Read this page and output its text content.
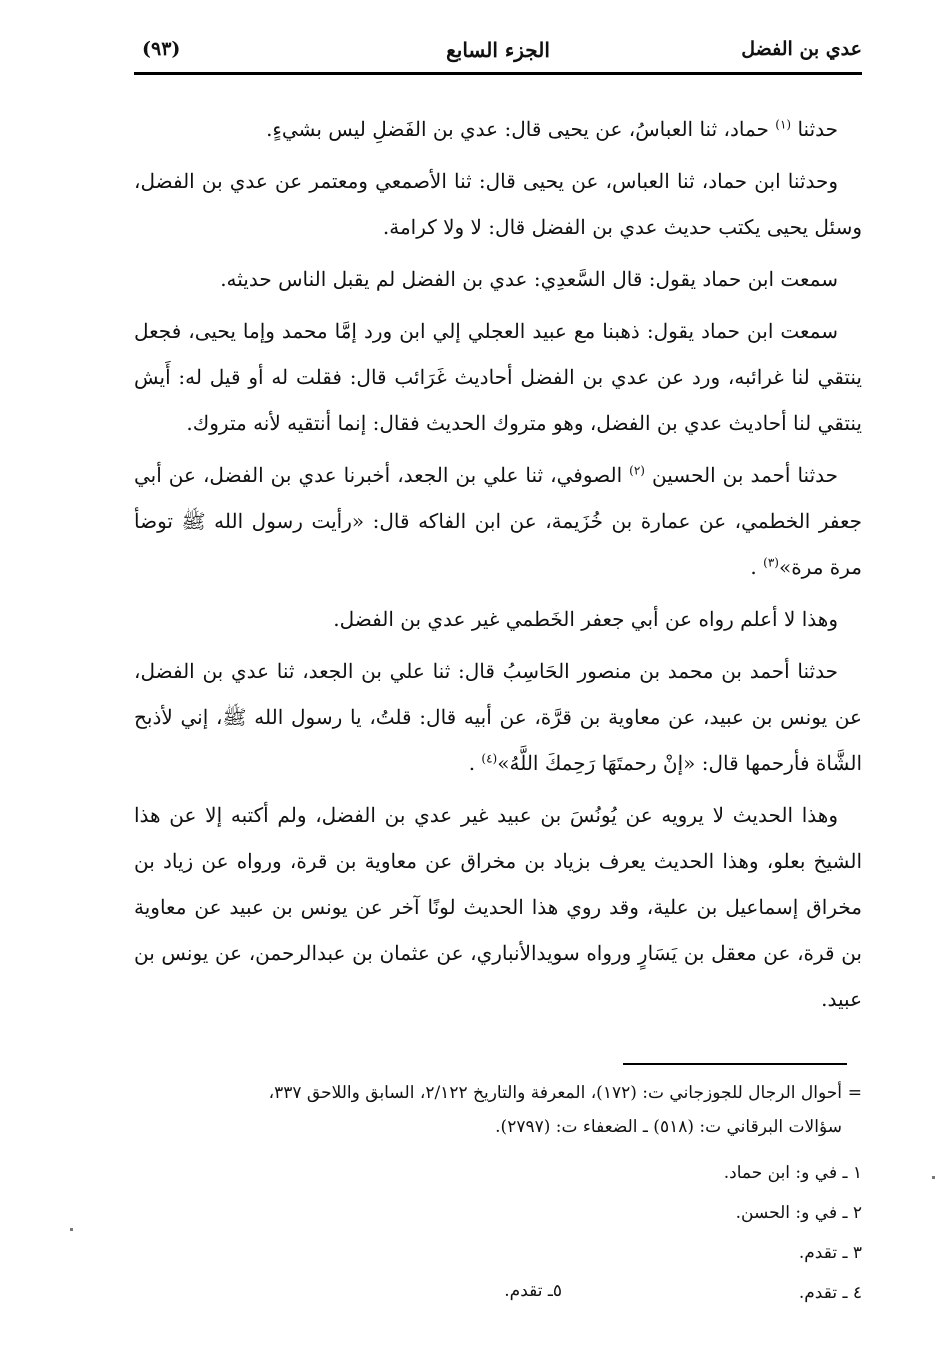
عدي بن الفضل
الجزء السابع
(٩٣)

حدثنا $^{(١)}$ حماد، ثنا العباسُ، عن يحيى قال: عدي بن الفَضلِ ليس بشيءٍ.

وحدثنا ابن حماد، ثنا العباس، عن يحيى قال: ثنا الأصمعي ومعتمر عن عدي بن الفضل، وسئل يحيى يكتب حديث عدي بن الفضل قال: لا ولا كرامة.

سمعت ابن حماد يقول: قال السَّعدِي: عدي بن الفضل لم يقبل الناس حديثه.

سمعت ابن حماد يقول: ذهبنا مع عبيد العجلي إلي ابن ورد إمَّا محمد وإما يحيى، فجعل ينتقي لنا غرائبه، ورد عن عدي بن الفضل أحاديث غَرَائب قال: فقلت له أو قيل له: أَيش ينتقي لنا أحاديث عدي بن الفضل، وهو متروك الحديث فقال: إنما أنتقيه لأنه متروك.

حدثنا أحمد بن الحسين $^{(٢)}$ الصوفي، ثنا علي بن الجعد، أخبرنا عدي بن الفضل، عن أبي جعفر الخطمي، عن عمارة بن خُزَيمة، عن ابن الفاكه قال: «رأيت رسول الله ﷺ توضأ مرة مرة»$^{(٣)}$ .

وهذا لا أعلم رواه عن أبي جعفر الخَطمي غير عدي بن الفضل.

حدثنا أحمد بن محمد بن منصور الحَاسِبُ قال: ثنا علي بن الجعد، ثنا عدي بن الفضل، عن يونس بن عبيد، عن معاوية بن قرَّة، عن أبيه قال: قلتُ، يا رسول الله ﷺ، إني لأذبح الشَّاة فأرحمها قال: «إنْ رحمتَهَا رَحِمكَ اللَّهُ»$^{(٤)}$ .

وهذا الحديث لا يرويه عن يُونُسَ بن عبيد غير عدي بن الفضل، ولم أكتبه إلا عن هذا الشيخ بعلو، وهذا الحديث يعرف بزياد بن مخراق عن معاوية بن قرة، ورواه عن زياد بن مخراق إسماعيل بن علية، وقد روي هذا الحديث لونًا آخر عن يونس بن عبيد عن معاوية بن قرة، عن معقل بن يَسَارٍ ورواه سويدالأنباري، عن عثمان بن عبدالرحمن، عن يونس بن عبيد.

=
أحوال الرجال للجوزجاني ت: (١٧٢)، المعرفة والتاريخ ٢/١٢٢، السابق واللاحق ٣٣٧،
سؤالات البرقاني ت: (٥١٨) ـ الضعفاء ت: (٢٧٩٧).
١ ـ في و: ابن حماد.
٢ ـ في و: الحسن.
٣ ـ تقدم.
٤ ـ تقدم.
٥ـ تقدم.
